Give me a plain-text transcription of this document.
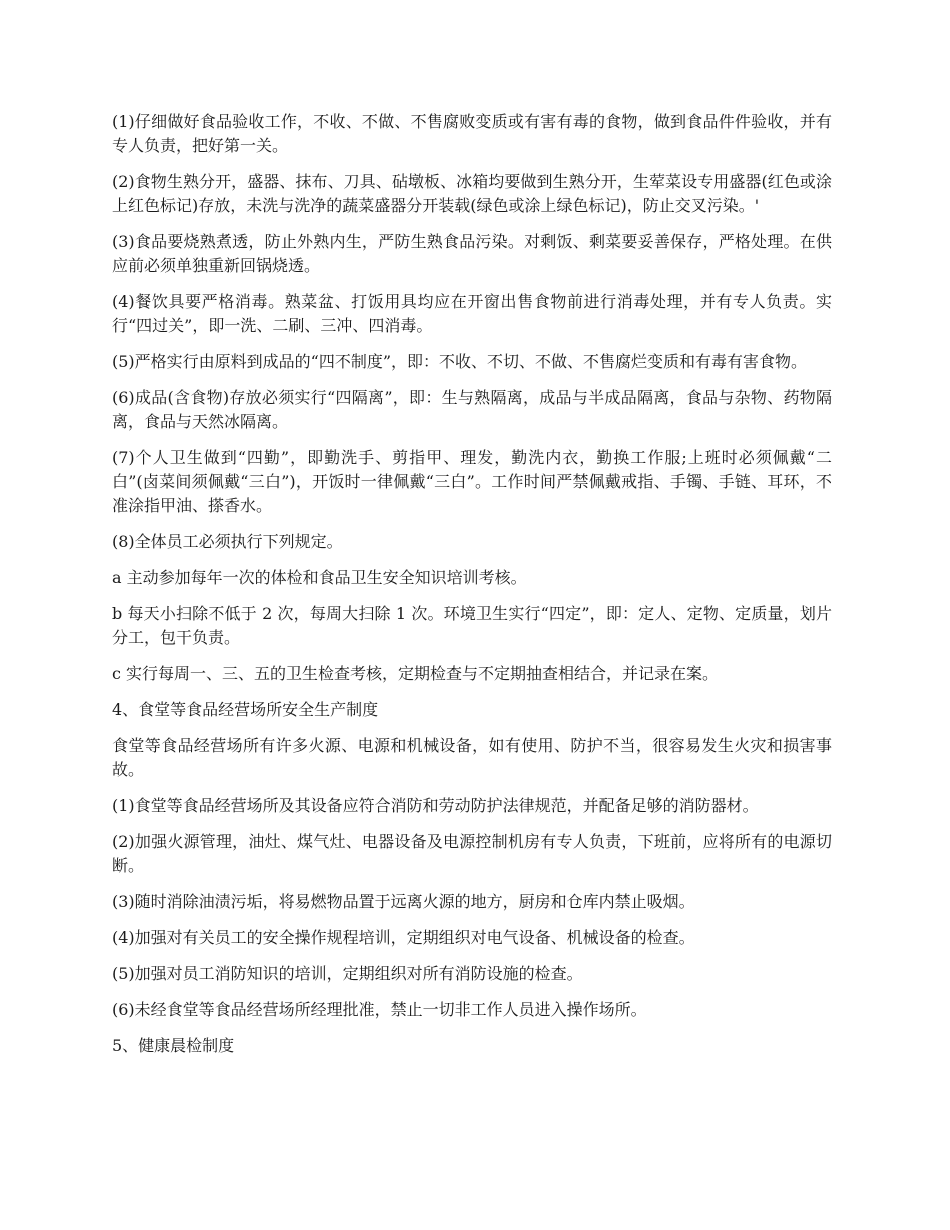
(1)仔细做好食品验收工作，不收、不做、不售腐败变质或有害有毒的食物，做到食品件件验收，并有专人负责，把好第一关。

(2)食物生熟分开，盛器、抹布、刀具、砧墩板、冰箱均要做到生熟分开，生荤菜设专用盛器(红色或涂上红色标记)存放，未洗与洗净的蔬菜盛器分开装载(绿色或涂上绿色标记)，防止交叉污染。'

(3)食品要烧熟煮透，防止外熟内生，严防生熟食品污染。对剩饭、剩菜要妥善保存，严格处理。在供应前必须单独重新回锅烧透。

(4)餐饮具要严格消毒。熟菜盆、打饭用具均应在开窗出售食物前进行消毒处理，并有专人负责。实行“四过关”，即一洗、二刷、三冲、四消毒。

(5)严格实行由原料到成品的“四不制度”，即：不收、不切、不做、不售腐烂变质和有毒有害食物。

(6)成品(含食物)存放必须实行“四隔离”，即：生与熟隔离，成品与半成品隔离，食品与杂物、药物隔离，食品与天然冰隔离。

(7)个人卫生做到“四勤”，即勤洗手、剪指甲、理发，勤洗内衣，勤换工作服;上班时必须佩戴“二白”(卤菜间须佩戴“三白”)，开饭时一律佩戴“三白”。工作时间严禁佩戴戒指、手镯、手链、耳环，不准涂指甲油、搽香水。

(8)全体员工必须执行下列规定。

a 主动参加每年一次的体检和食品卫生安全知识培训考核。

b 每天小扫除不低于 2 次，每周大扫除 1 次。环境卫生实行“四定”，即：定人、定物、定质量，划片分工，包干负责。

c 实行每周一、三、五的卫生检查考核，定期检查与不定期抽查相结合，并记录在案。

4、食堂等食品经营场所安全生产制度

食堂等食品经营场所有许多火源、电源和机械设备，如有使用、防护不当，很容易发生火灾和损害事故。

(1)食堂等食品经营场所及其设备应符合消防和劳动防护法律规范，并配备足够的消防器材。

(2)加强火源管理，油灶、煤气灶、电器设备及电源控制机房有专人负责，下班前，应将所有的电源切断。

(3)随时消除油渍污垢，将易燃物品置于远离火源的地方，厨房和仓库内禁止吸烟。

(4)加强对有关员工的安全操作规程培训，定期组织对电气设备、机械设备的检查。

(5)加强对员工消防知识的培训，定期组织对所有消防设施的检查。

(6)未经食堂等食品经营场所经理批准，禁止一切非工作人员进入操作场所。

5、健康晨检制度
